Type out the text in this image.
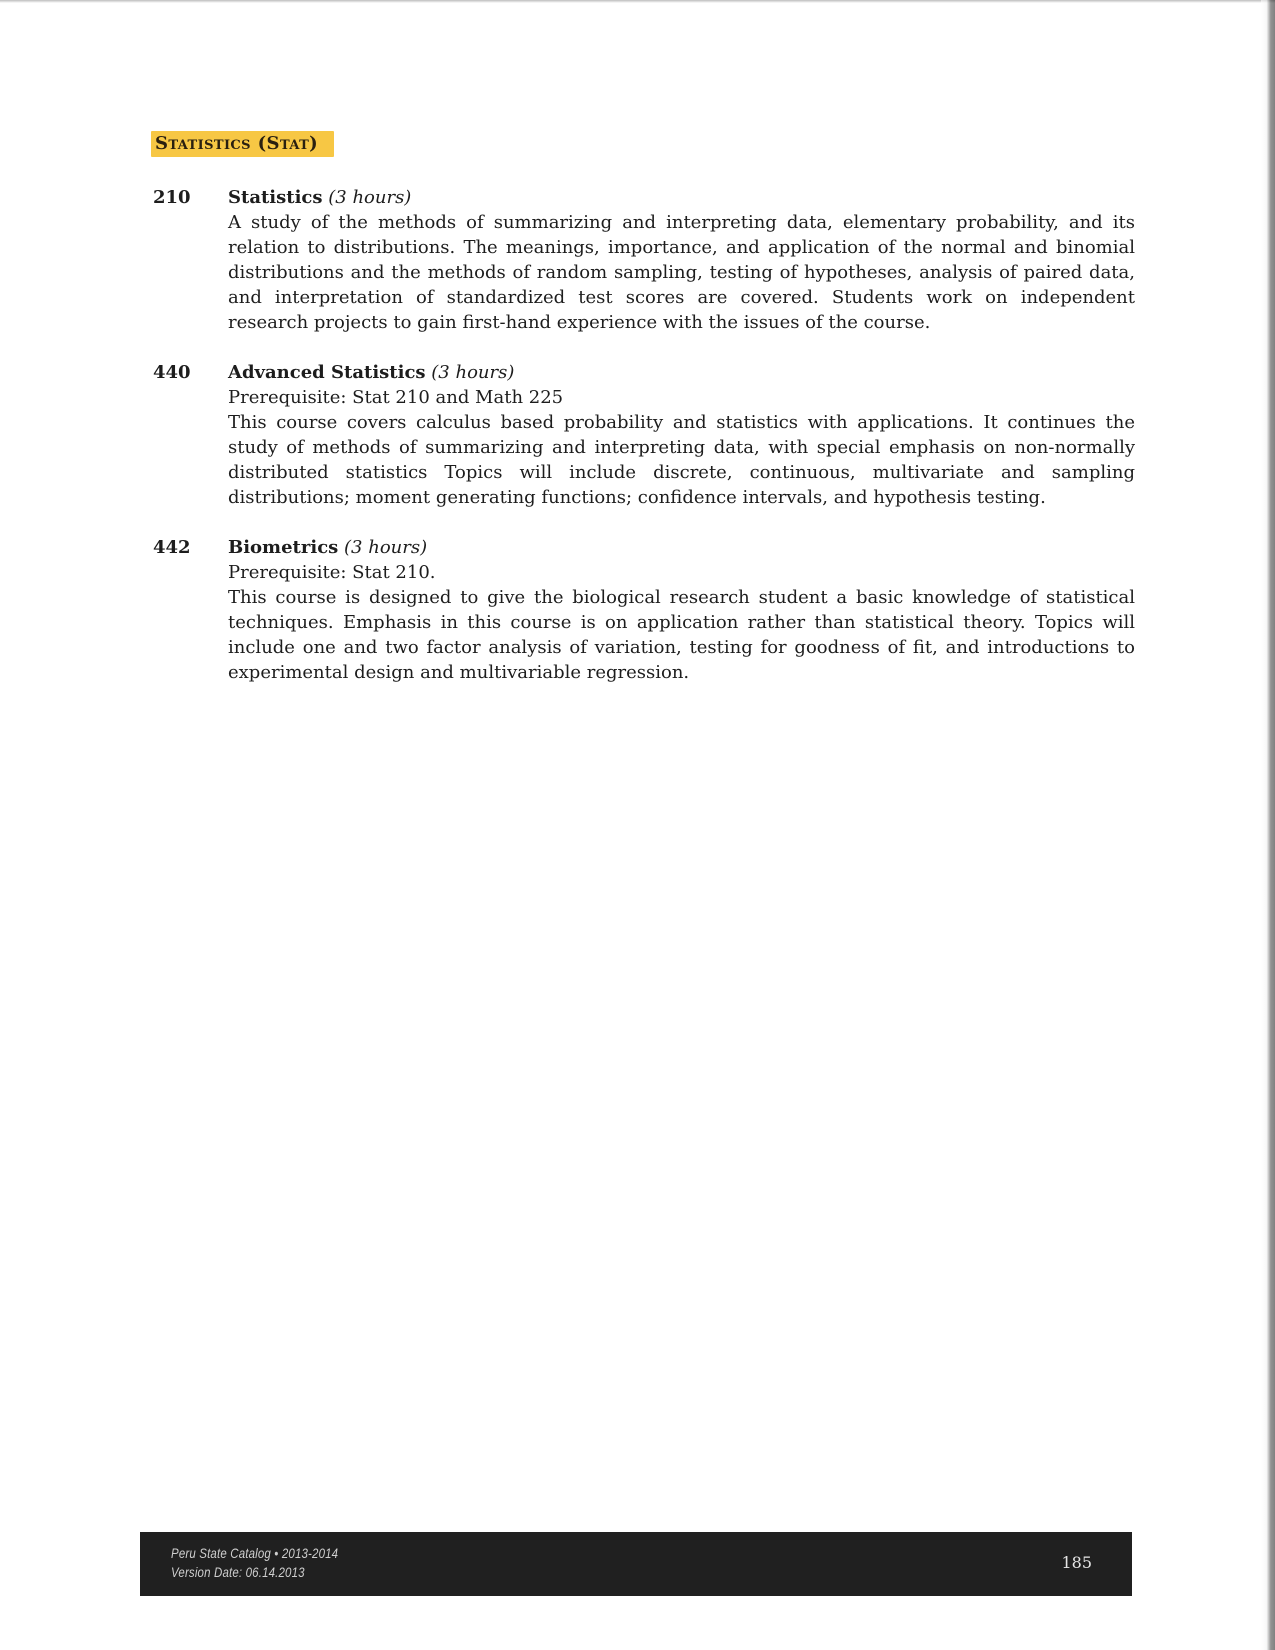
Statistics (Stat)
210 Statistics (3 hours)

A study of the methods of summarizing and interpreting data, elementary probability, and its relation to distributions. The meanings, importance, and application of the normal and binomial distributions and the methods of random sampling, testing of hypotheses, analysis of paired data, and interpretation of standardized test scores are covered. Students work on independent research projects to gain first-hand experience with the issues of the course.

440 Advanced Statistics (3 hours)

Prerequisite: Stat 210 and Math 225

This course covers calculus based probability and statistics with applications. It continues the study of methods of summarizing and interpreting data, with special emphasis on non-normally distributed statistics Topics will include discrete, continuous, multivariate and sampling distributions; moment generating functions; confidence intervals, and hypothesis testing.

442 Biometrics (3 hours)

Prerequisite: Stat 210.

This course is designed to give the biological research student a basic knowledge of statistical techniques. Emphasis in this course is on application rather than statistical theory. Topics will include one and two factor analysis of variation, testing for goodness of fit, and introductions to experimental design and multivariable regression.

Peru State Catalog • 2013-2014
Version Date: 06.14.2013	185
